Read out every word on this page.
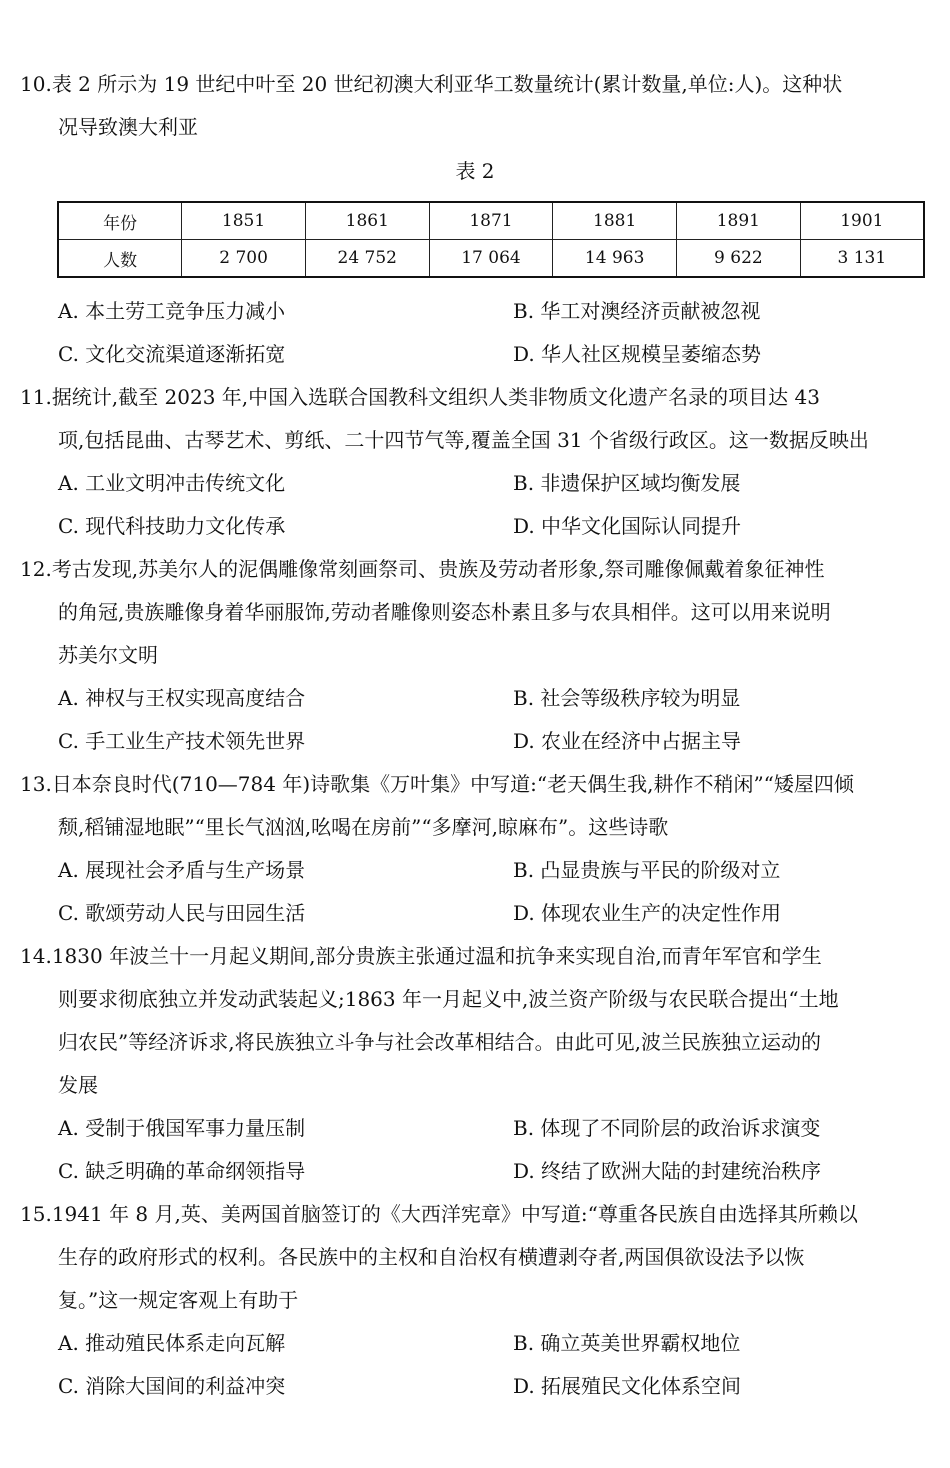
10.表 2 所示为 19 世纪中叶至 20 世纪初澳大利亚华工数量统计(累计数量,单位:人)。这种状
况导致澳大利亚

表 2
年份	1851	1861	1871	1881	1891	1901
人数	2 700	24 752	17 064	14 963	9 622	3 131
A. 本土劳工竞争压力减小	B. 华工对澳经济贡献被忽视
C. 文化交流渠道逐渐拓宽	D. 华人社区规模呈萎缩态势

11.据统计,截至 2023 年,中国入选联合国教科文组织人类非物质文化遗产名录的项目达 43
项,包括昆曲、古琴艺术、剪纸、二十四节气等,覆盖全国 31 个省级行政区。这一数据反映出

A. 工业文明冲击传统文化	B. 非遗保护区域均衡发展
C. 现代科技助力文化传承	D. 中华文化国际认同提升

12.考古发现,苏美尔人的泥偶雕像常刻画祭司、贵族及劳动者形象,祭司雕像佩戴着象征神性
的角冠,贵族雕像身着华丽服饰,劳动者雕像则姿态朴素且多与农具相伴。这可以用来说明
苏美尔文明

A. 神权与王权实现高度结合	B. 社会等级秩序较为明显
C. 手工业生产技术领先世界	D. 农业在经济中占据主导

13.日本奈良时代(710—784 年)诗歌集《万叶集》中写道:“老天偶生我,耕作不稍闲”“矮屋四倾
颓,稻铺湿地眠”“里长气汹汹,吆喝在房前”“多摩河,晾麻布”。这些诗歌

A. 展现社会矛盾与生产场景	B. 凸显贵族与平民的阶级对立
C. 歌颂劳动人民与田园生活	D. 体现农业生产的决定性作用

14.1830 年波兰十一月起义期间,部分贵族主张通过温和抗争来实现自治,而青年军官和学生
则要求彻底独立并发动武装起义;1863 年一月起义中,波兰资产阶级与农民联合提出“土地
归农民”等经济诉求,将民族独立斗争与社会改革相结合。由此可见,波兰民族独立运动的
发展

A. 受制于俄国军事力量压制	B. 体现了不同阶层的政治诉求演变
C. 缺乏明确的革命纲领指导	D. 终结了欧洲大陆的封建统治秩序

15.1941 年 8 月,英、美两国首脑签订的《大西洋宪章》中写道:“尊重各民族自由选择其所赖以
生存的政府形式的权利。各民族中的主权和自治权有横遭剥夺者,两国俱欲设法予以恢
复。”这一规定客观上有助于

A. 推动殖民体系走向瓦解	B. 确立英美世界霸权地位
C. 消除大国间的利益冲突	D. 拓展殖民文化体系空间
